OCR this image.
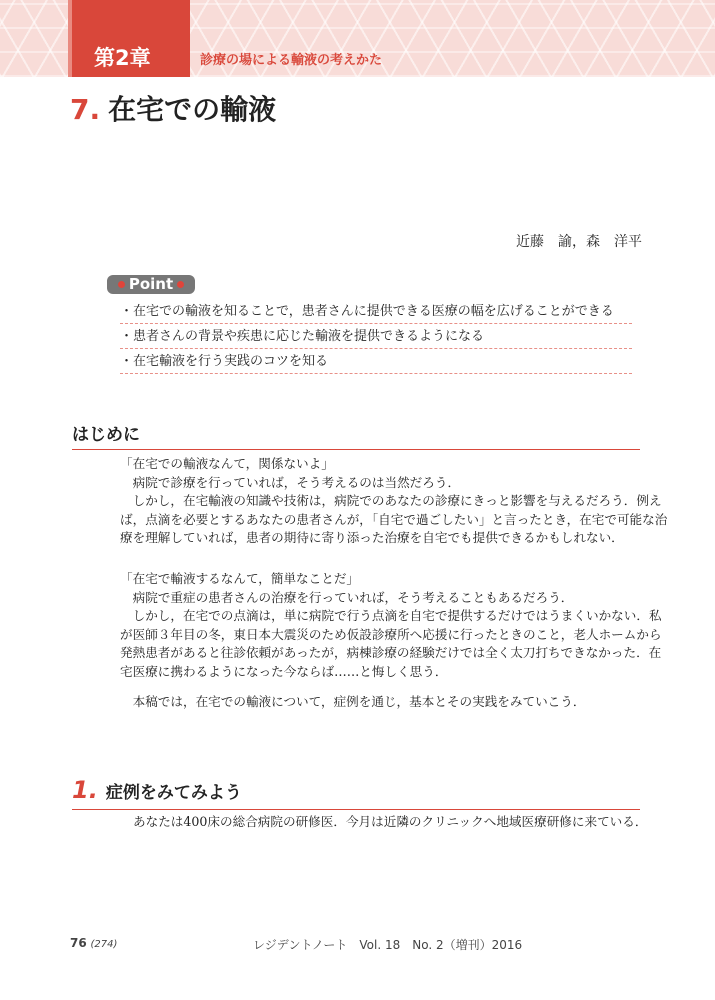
第2章	診療の場による輸液の考えかた
7. 在宅での輸液
近藤　諭，森　洋平
Point
・在宅での輸液を知ることで，患者さんに提供できる医療の幅を広げることができる
・患者さんの背景や疾患に応じた輸液を提供できるようになる
・在宅輸液を行う実践のコツを知る
はじめに
「在宅での輸液なんて，関係ないよ」
　病院で診療を行っていれば，そう考えるのは当然だろう．
　しかし，在宅輸液の知識や技術は，病院でのあなたの診療にきっと影響を与えるだろう．例え
ば，点滴を必要とするあなたの患者さんが，「自宅で過ごしたい」と言ったとき，在宅で可能な治
療を理解していれば，患者の期待に寄り添った治療を自宅でも提供できるかもしれない．
「在宅で輸液するなんて，簡単なことだ」
　病院で重症の患者さんの治療を行っていれば，そう考えることもあるだろう．
　しかし，在宅での点滴は，単に病院で行う点滴を自宅で提供するだけではうまくいかない．私
が医師３年目の冬，東日本大震災のため仮設診療所へ応援に行ったときのこと，老人ホームから
発熱患者があると往診依頼があったが，病棟診療の経験だけでは全く太刀打ちできなかった．在
宅医療に携わるようになった今ならば……と悔しく思う．
　本稿では，在宅での輸液について，症例を通じ，基本とその実践をみていこう．
1. 症例をみてみよう
あなたは400床の総合病院の研修医．今月は近隣のクリニックへ地域医療研修に来ている．
76 (274)	レジデントノート　Vol. 18　No. 2（増刊）2016
